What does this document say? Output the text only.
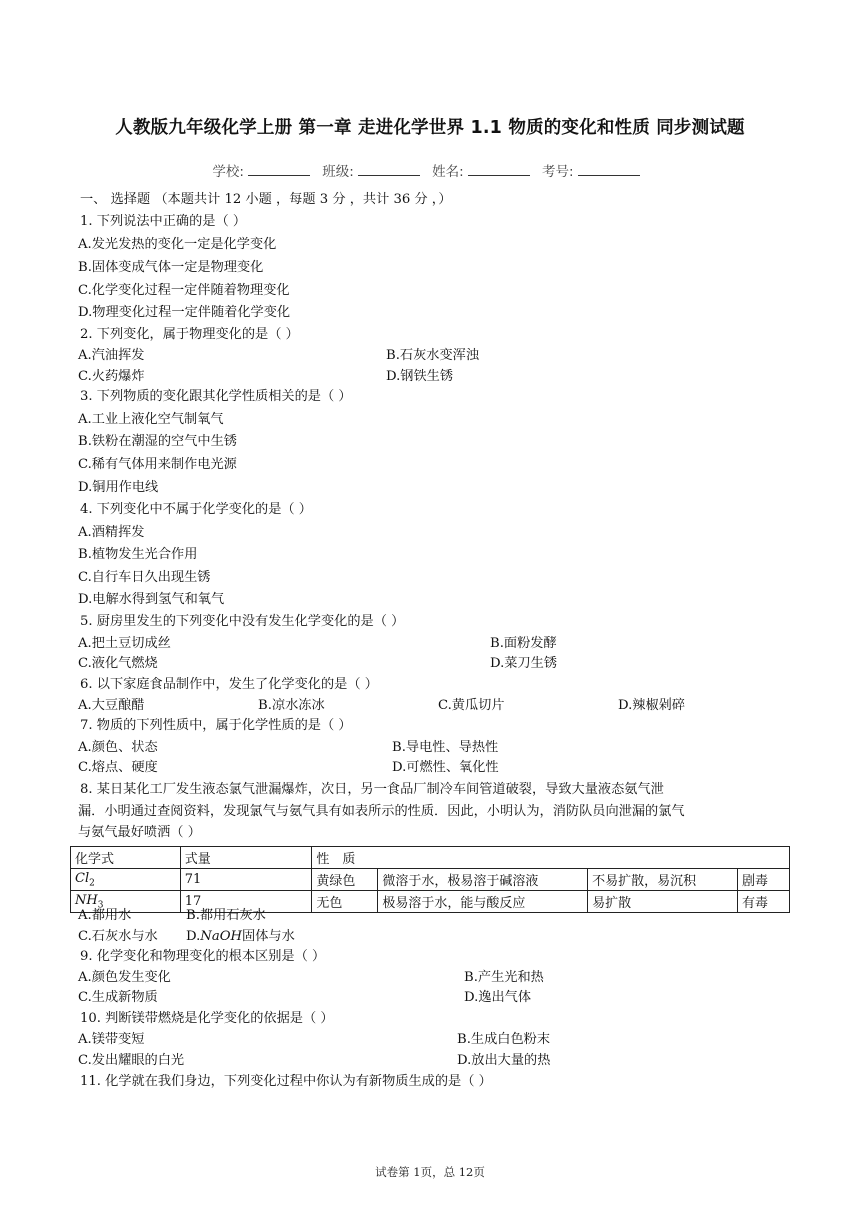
人教版九年级化学上册 第一章 走进化学世界 1.1 物质的变化和性质 同步测试题
学校:	班级:	姓名:	考号:
一、 选择题 （本题共计 12 小题 ，每题 3 分 ，共计 36 分 ，）
1. 下列说法中正确的是（ ）
A.发光发热的变化一定是化学变化
B.固体变成气体一定是物理变化
C.化学变化过程一定伴随着物理变化
D.物理变化过程一定伴随着化学变化
2. 下列变化，属于物理变化的是（ ）
A.汽油挥发	B.石灰水变浑浊
C.火药爆炸	D.钢铁生锈
3. 下列物质的变化跟其化学性质相关的是（ ）
A.工业上液化空气制氧气
B.铁粉在潮湿的空气中生锈
C.稀有气体用来制作电光源
D.铜用作电线
4. 下列变化中不属于化学变化的是（ ）
A.酒精挥发
B.植物发生光合作用
C.自行车日久出现生锈
D.电解水得到氢气和氧气
5. 厨房里发生的下列变化中没有发生化学变化的是（ ）
A.把土豆切成丝	B.面粉发酵
C.液化气燃烧	D.菜刀生锈
6. 以下家庭食品制作中，发生了化学变化的是（ ）
A.大豆酿醋	B.凉水冻冰	C.黄瓜切片	D.辣椒剁碎
7. 物质的下列性质中，属于化学性质的是（ ）
A.颜色、状态	B.导电性、导热性
C.熔点、硬度	D.可燃性、氧化性
8. 某日某化工厂发生液态氯气泄漏爆炸，次日，另一食品厂制冷车间管道破裂，导致大量液态氨气泄
漏．小明通过查阅资料，发现氯气与氨气具有如表所示的性质．因此，小明认为，消防队员向泄漏的氯气
与氨气最好喷洒（ ）
化学式	式量	性　质			
$Cl_2$	71	黄绿色	微溶于水，极易溶于碱溶液	不易扩散，易沉积	剧毒
$NH_3$	17	无色	极易溶于水，能与酸反应	易扩散	有毒
A.都用水	B.都用石灰水
C.石灰水与水 D.NaOH固体与水
9. 化学变化和物理变化的根本区别是（ ）
A.颜色发生变化	B.产生光和热
C.生成新物质	D.逸出气体
10. 判断镁带燃烧是化学变化的依据是（ ）
A.镁带变短	B.生成白色粉末
C.发出耀眼的白光	D.放出大量的热
11. 化学就在我们身边，下列变化过程中你认为有新物质生成的是（ ）
试卷第 1页，总 12页
